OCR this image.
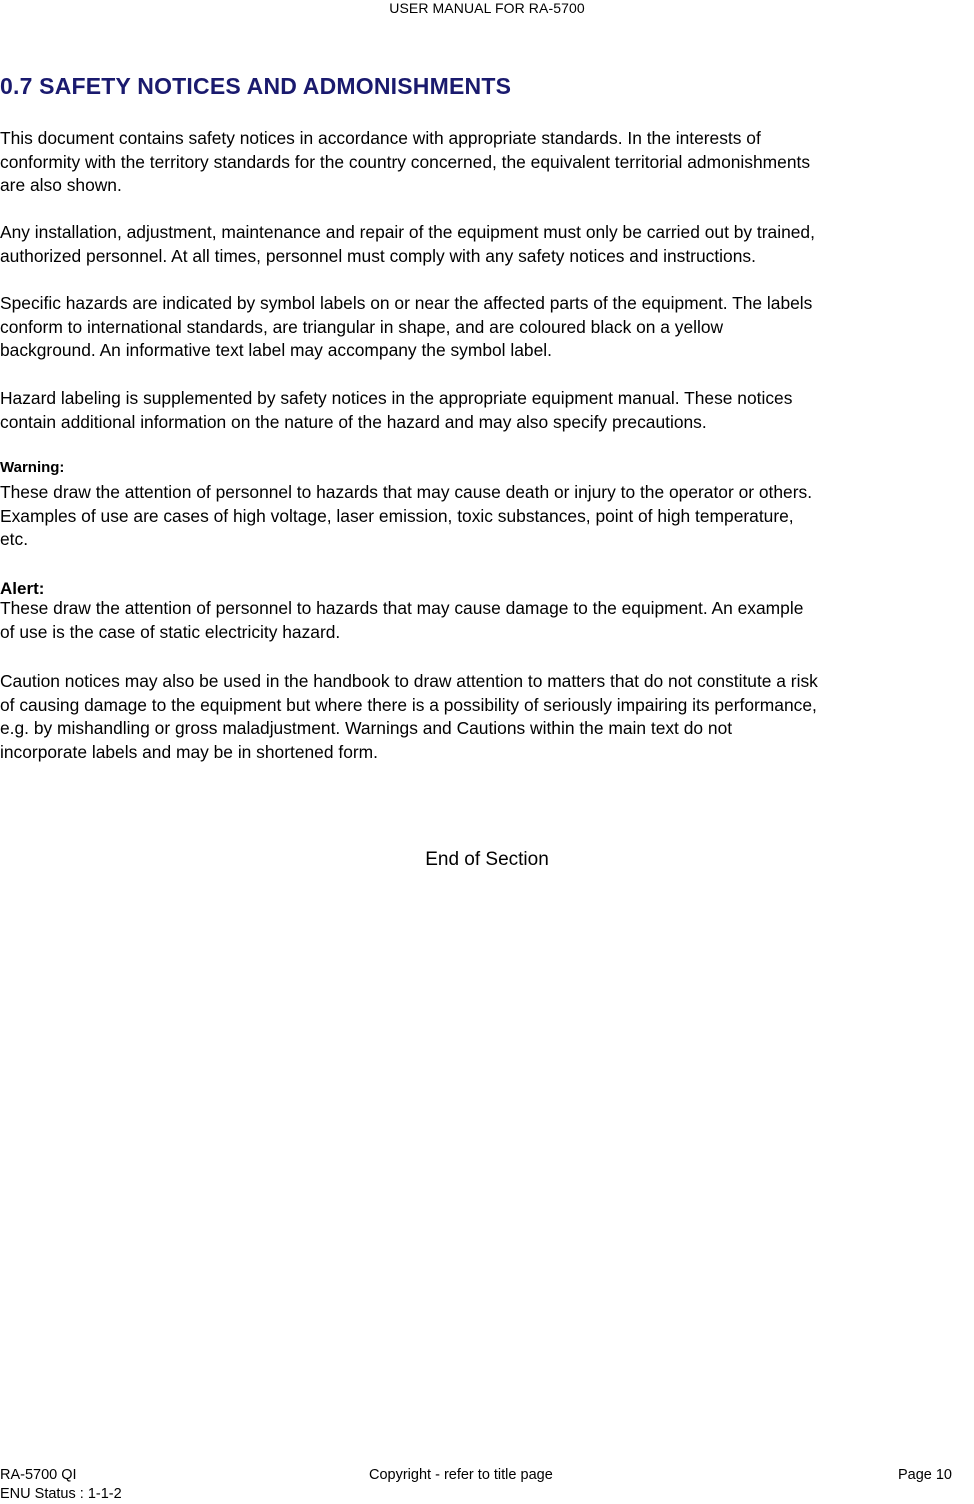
USER MANUAL FOR RA-5700
0.7 SAFETY NOTICES AND ADMONISHMENTS

This document contains safety notices in accordance with appropriate standards. In the interests of
conformity with the territory standards for the country concerned, the equivalent territorial admonishments
are also shown.

Any installation, adjustment, maintenance and repair of the equipment must only be carried out by trained,
authorized personnel. At all times, personnel must comply with any safety notices and instructions.

Specific hazards are indicated by symbol labels on or near the affected parts of the equipment. The labels
conform to international standards, are triangular in shape, and are coloured black on a yellow
background. An informative text label may accompany the symbol label.

Hazard labeling is supplemented by safety notices in the appropriate equipment manual. These notices
contain additional information on the nature of the hazard and may also specify precautions.

Warning:

These draw the attention of personnel to hazards that may cause death or injury to the operator or others.
Examples of use are cases of high voltage, laser emission, toxic substances, point of high temperature,
etc.

Alert:

These draw the attention of personnel to hazards that may cause damage to the equipment. An example
of use is the case of static electricity hazard.

Caution notices may also be used in the handbook to draw attention to matters that do not constitute a risk
of causing damage to the equipment but where there is a possibility of seriously impairing its performance,
e.g. by mishandling or gross maladjustment. Warnings and Cautions within the main text do not
incorporate labels and may be in shortened form.

End of Section
RA-5700 QI
ENU Status : 1-1-2
Copyright - refer to title page	Page 10
